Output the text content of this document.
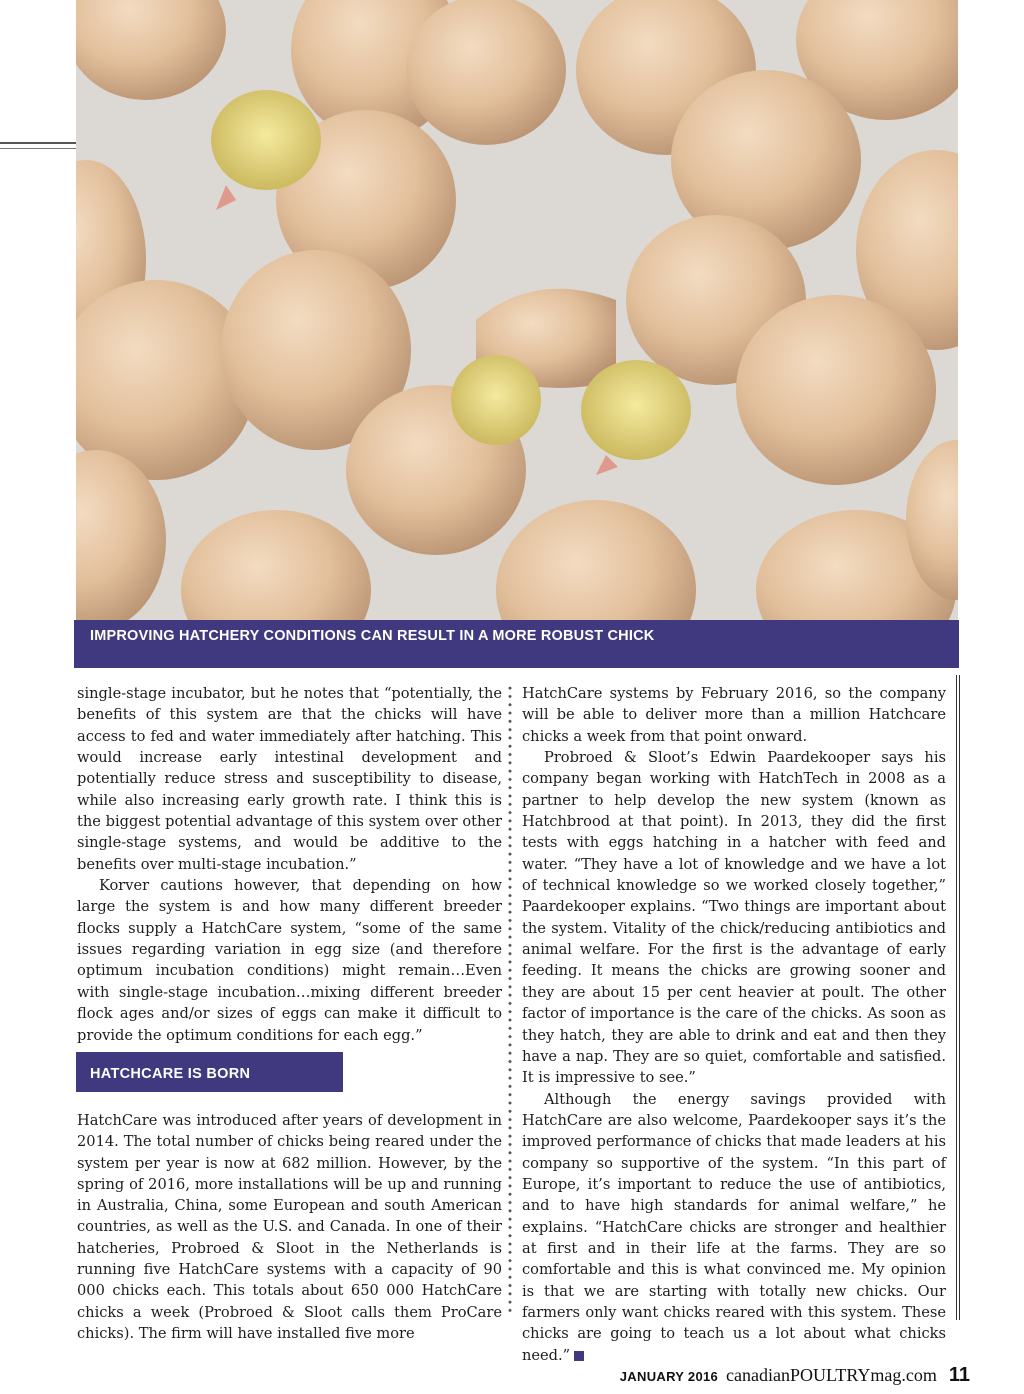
IMPROVING HATCHERY CONDITIONS CAN RESULT IN A MORE ROBUST CHICK

single-stage incubator, but he notes that “potentially, the benefits of this system are that the chicks will have access to fed and water immediately after hatching. This would increase early intestinal development and potentially reduce stress and susceptibility to disease, while also increasing early growth rate. I think this is the biggest potential advantage of this system over other single-stage systems, and would be additive to the benefits over multi-stage incubation.”

Korver cautions however, that depending on how large the system is and how many different breeder flocks supply a HatchCare system, “some of the same issues regarding variation in egg size (and therefore optimum incubation conditions) might remain…Even with single-stage incubation…mixing different breeder flock ages and/or sizes of eggs can make it difficult to provide the optimum conditions for each egg.”

HATCHCARE IS BORN

HatchCare was introduced after years of development in 2014. The total number of chicks being reared under the system per year is now at 682 million. However, by the spring of 2016, more installations will be up and running in Australia, China, some European and south American countries, as well as the U.S. and Canada. In one of their hatcheries, Probroed & Sloot in the Netherlands is running five HatchCare systems with a capacity of 90 000 chicks each. This totals about 650 000 HatchCare chicks a week (Probroed & Sloot calls them ProCare chicks). The firm will have installed five more

HatchCare systems by February 2016, so the company will be able to deliver more than a million Hatchcare chicks a week from that point onward.

Probroed & Sloot’s Edwin Paardekooper says his company began working with HatchTech in 2008 as a partner to help develop the new system (known as Hatchbrood at that point). In 2013, they did the first tests with eggs hatching in a hatcher with feed and water. “They have a lot of knowledge and we have a lot of technical knowledge so we worked closely together,” Paardekooper explains. “Two things are important about the system. Vitality of the chick/reducing antibiotics and animal welfare. For the first is the advantage of early feeding. It means the chicks are growing sooner and they are about 15 per cent heavier at poult. The other factor of importance is the care of the chicks. As soon as they hatch, they are able to drink and eat and then they have a nap. They are so quiet, comfortable and satisfied. It is impressive to see.”

Although the energy savings provided with HatchCare are also welcome, Paardekooper says it’s the improved performance of chicks that made leaders at his company so supportive of the system. “In this part of Europe, it’s important to reduce the use of antibiotics, and to have high standards for animal welfare,” he explains. “HatchCare chicks are stronger and healthier at first and in their life at the farms. They are so comfortable and this is what convinced me. My opinion is that we are starting with totally new chicks. Our farmers only want chicks reared with this system. These chicks are going to teach us a lot about what chicks need.”

JANUARY 2016 canadianPOULTRYmag.com 11
